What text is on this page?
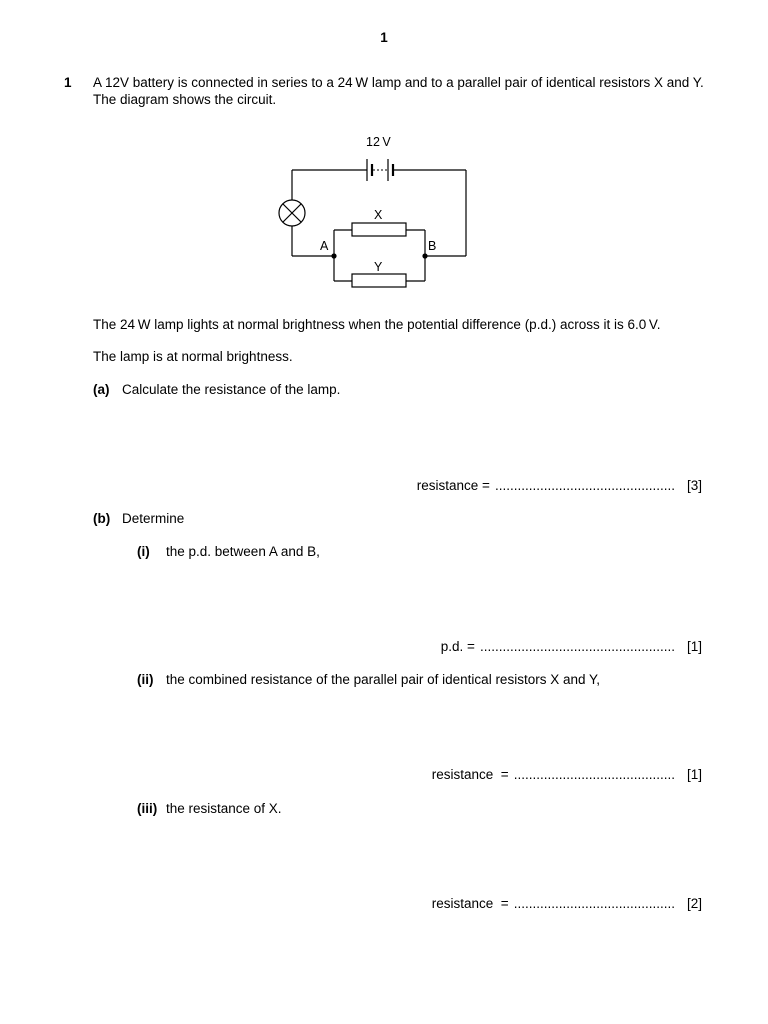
1
1 A 12V battery is connected in series to a 24 W lamp and to a parallel pair of identical resistors X and Y. The diagram shows the circuit.
12 V
X
Y
A	B
The 24 W lamp lights at normal brightness when the potential difference (p.d.) across it is 6.0 V.
The lamp is at normal brightness.
(a) Calculate the resistance of the lamp.
resistance = ................................................ [3]
(b) Determine
(i) the p.d. between A and B,
p.d. = .................................................... [1]
(ii) the combined resistance of the parallel pair of identical resistors X and Y,
resistance  = ........................................... [1]
(iii) the resistance of X.
resistance  = ........................................... [2]
